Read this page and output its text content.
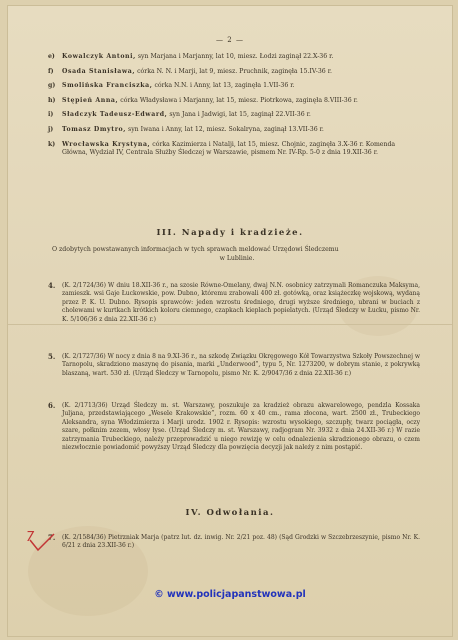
— 2 —
e) Kowalczyk Antoni, syn Marjana i Marjanny, lat 10, miesz. Łodzi zaginął 22.X-36 r.
f) Osada Stanisława, córka N. N. i Marji, lat 9, miesz. Pruchnik, zaginęła 15.IV-36 r.
g) Smolińska Franciszka, córka N.N. i Anny, lat 13, zaginęła 1.VII-36 r.
h) Stępień Anna, córka Władysława i Marjanny, lat 15, miesz. Piotrkowa, zaginęła 8.VIII-36 r.
i) Sładczyk Tadeusz-Edward, syn Jana i Jadwigi, lat 15, zaginął 22.VII-36 r.
j) Tomasz Dmytro, syn Iwana i Anny, lat 12, miesz. Sokalryna, zaginął 13.VII-36 r.
k) Wrocławska Krystyna, córka Kazimierza i Natalji, lat 15, miesz. Chojnic, zaginęła 3.X-36 r. Komenda Główna, Wydział IV, Centrala Służby Śledczej w Warszawie, pismem Nr. IV-Rp. 5-0 z dnia 19.XII-36 r.
III. Napady i kradzieże.
O zdobytych powstawanych informacjach w tych sprawach meldować Urzędowi Śledczemu
w Lublinie.
4.	(K. 2/1724/36) W dniu 18.XII-36 r., na szosie Równe-Omelany, dwaj N.N. osobnicy zatrzymali Romanczuka Maksyma, zamieszk. wsi Gaje Łuckowskie, pow. Dubno, któremu zrabowali 400 zł. gotówką, oraz książeczkę wojskową, wydaną przez P. K. U. Dubno. Rysopis sprawców: jeden wzrostu średniego, drugi wyższe średniego, ubrani w buciach z cholewami w kurtkach krótkich koloru ciemnego, czapkach kieplach popielatych. (Urząd Śledczy w Łucku, pismo Nr. K. 5/106/36 z dnia 22.XII-36 r.)
5.	(K. 2/1727/36) W nocy z dnia 8 na 9.XI-36 r., na szkodę Związku Okręgowego Kół Towarzystwa Szkoły Powszechnej w Tarnopolu, skradziono maszynę do pisania, marki „Underwood”, typu 5, Nr. 1273200, w dobrym stanie, z pokrywką blaszaną, wart. 530 zł. (Urząd Śledczy w Tarnopolu, pismo Nr. K. 2/9047/36 z dnia 22.XII-36 r.)
6.	(K. 2/1713/36) Urząd Śledczy m. st. Warszawy, poszukuje za kradzież obrazu akwarelowego, pendzla Kossaka Juljana, przedstawiającego „Wesele Krakowskie”, rozm. 60 x 40 cm., rama złocona, wart. 2500 zł., Trubeckiego Aleksandra, syna Włodzimierza i Marji urodz. 1902 r. Rysopis: wzrostu wysokiego, szczupły, twarz pociągła, oczy szare, połknim zezem, włosy łyse. (Urząd Śledczy m. st. Warszawy, radjogram Nr. 3932 z dnia 24.XII-36 r.) W razie zatrzymania Trubeckiego, należy przeprowadzić u niego rewizję w celu odnalezienia skradzionego obrazu, o czem niezwłocznie powiadomić powyższy Urząd Śledczy dla powzięcia decyzji jak należy z nim postąpić.
IV. Odwołania.
7.	(K. 2/1584/36) Pietrzniak Marja (patrz lut. dz. inwig. Nr. 2/21 poz. 48) (Sąd Grodzki w Szczebrzeszynie, pismo Nr. K. 6/21 z dnia 23.XII-36 r.)
7
© www.policjapanstwowa.pl
